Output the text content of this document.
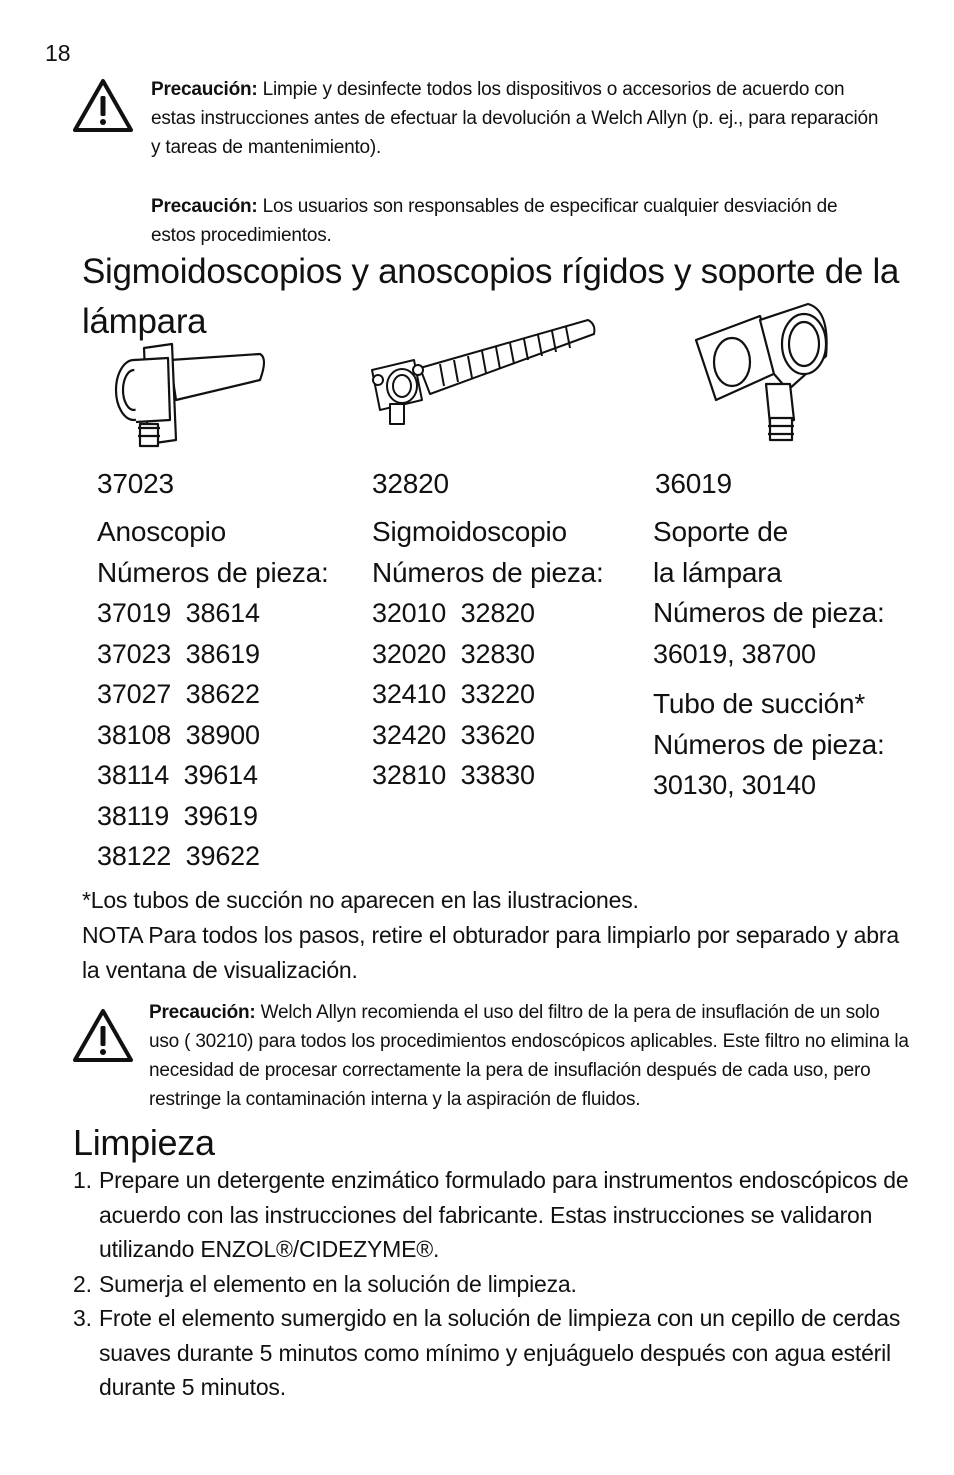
18
Precaución: Limpie y desinfecte todos los dispositivos o accesorios de acuerdo con estas instrucciones antes de efectuar la devolución a Welch Allyn (p. ej., para reparación y tareas de mantenimiento).
Precaución: Los usuarios son responsables de especificar cualquier desviación de estos procedimientos.
Sigmoidoscopios y anoscopios rígidos y soporte de la lámpara
37023
Anoscopio
Números de pieza:
37019  38614
37023  38619
37027  38622
38108  38900
38114  39614
38119  39619
38122  39622
32820
Sigmoidoscopio
Números de pieza:
32010  32820
32020  32830
32410  33220
32420  33620
32810  33830
36019
Soporte de
la lámpara
Números de pieza:
36019, 38700
Tubo de succión*
Números de pieza:
30130, 30140
*Los tubos de succión no aparecen en las ilustraciones.
NOTA Para todos los pasos, retire el obturador para limpiarlo por separado y abra la ventana de visualización.
Precaución: Welch Allyn recomienda el uso del filtro de la pera de insuflación de un solo uso ( 30210) para todos los procedimientos endoscópicos aplicables. Este filtro no elimina la necesidad de procesar correctamente la pera de insuflación después de cada uso, pero restringe la contaminación interna y la aspiración de fluidos.
Limpieza
1. Prepare un detergente enzimático formulado para instrumentos endoscópicos de acuerdo con las instrucciones del fabricante. Estas instrucciones se validaron utilizando ENZOL®/CIDEZYME®.
2. Sumerja el elemento en la solución de limpieza.
3. Frote el elemento sumergido en la solución de limpieza con un cepillo de cerdas suaves durante 5 minutos como mínimo y enjuáguelo después con agua estéril durante 5 minutos.
